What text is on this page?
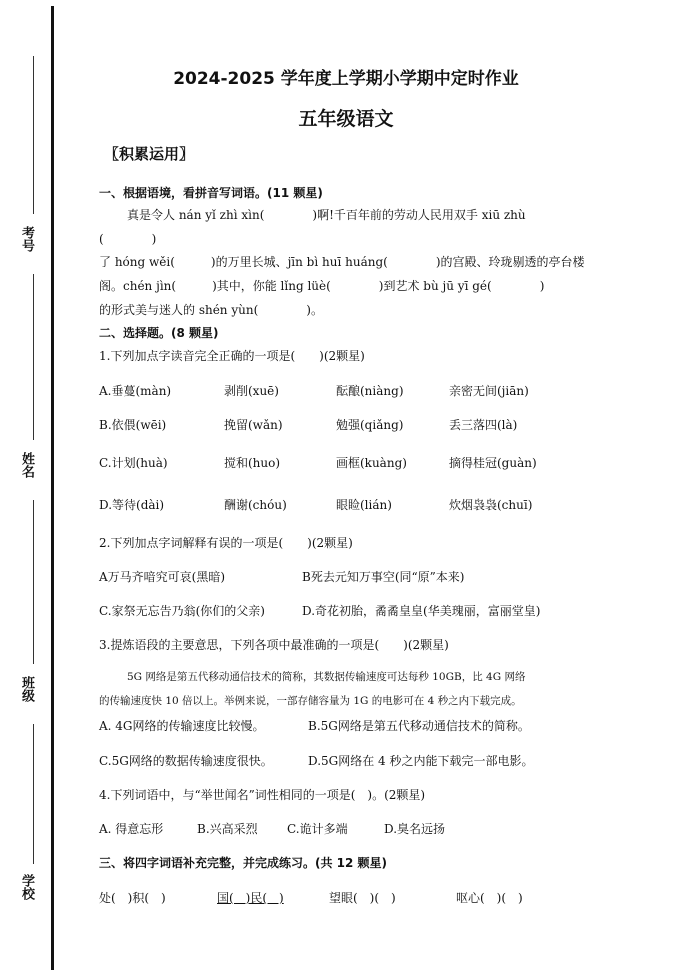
考号
姓名
班级
学校
2024-2025 学年度上学期小学期中定时作业
五年级语文
〖积累运用〗
一、根据语境，看拼音写词语。(11 颗星)
真是令人 nán yǐ zhì xìn(　　　　)啊!千百年前的劳动人民用双手 xiū zhù
(　　　　)
了 hóng wěi(　　　)的万里长城、jīn bì huī huáng(　　　　)的宫殿、玲珑剔透的亭台楼
阁。chén jìn(　　　)其中，你能 lǐng lüè(　　　　)到艺术 bù jū yī gé(　　　　)
的形式美与迷人的 shén yùn(　　　　)。
二、选择题。(8 颗星)
1.下列加点字读音完全正确的一项是(　　)(2颗星)
A.垂蔓(màn)	剥削(xuē)	酝酿(niàng)	亲密无间(jiān)
B.依偎(wēi)	挽留(wǎn)	勉强(qiǎng)	丢三落四(là)
C.计划(huà)	搅和(huo)	画框(kuàng)	摘得桂冠(guàn)
D.等待(dài)	酬谢(chóu)	眼睑(lián)	炊烟袅袅(chuī)
2.下列加点字词解释有误的一项是(　　)(2颗星)
A万马齐喑究可哀(黑暗)	B死去元知万事空(同“原”本来)
C.家祭无忘告乃翁(你们的父亲)	D.奇花初胎，矞矞皇皇(华美瑰丽，富丽堂皇)
3.提炼语段的主要意思，下列各项中最准确的一项是(　　)(2颗星)
5G 网络是第五代移动通信技术的简称，其数据传输速度可达每秒 10GB，比 4G 网络
的传输速度快 10 倍以上。举例来说，一部存储容量为 1G 的电影可在 4 秒之内下载完成。
A. 4G网络的传输速度比较慢。	B.5G网络是第五代移动通信技术的简称。
C.5G网络的数据传输速度很快。	D.5G网络在 4 秒之内能下载完一部电影。
4.下列词语中，与“举世闻名”词性相同的一项是(　)。(2颗星)
A. 得意忘形	B.兴高采烈 C.诡计多端	D.臭名远扬
三、将四字词语补充完整，并完成练习。(共 12 颗星)
处(　)积(　)	国(　)民(　)	望眼(　)(　)	呕心(　)(　)
